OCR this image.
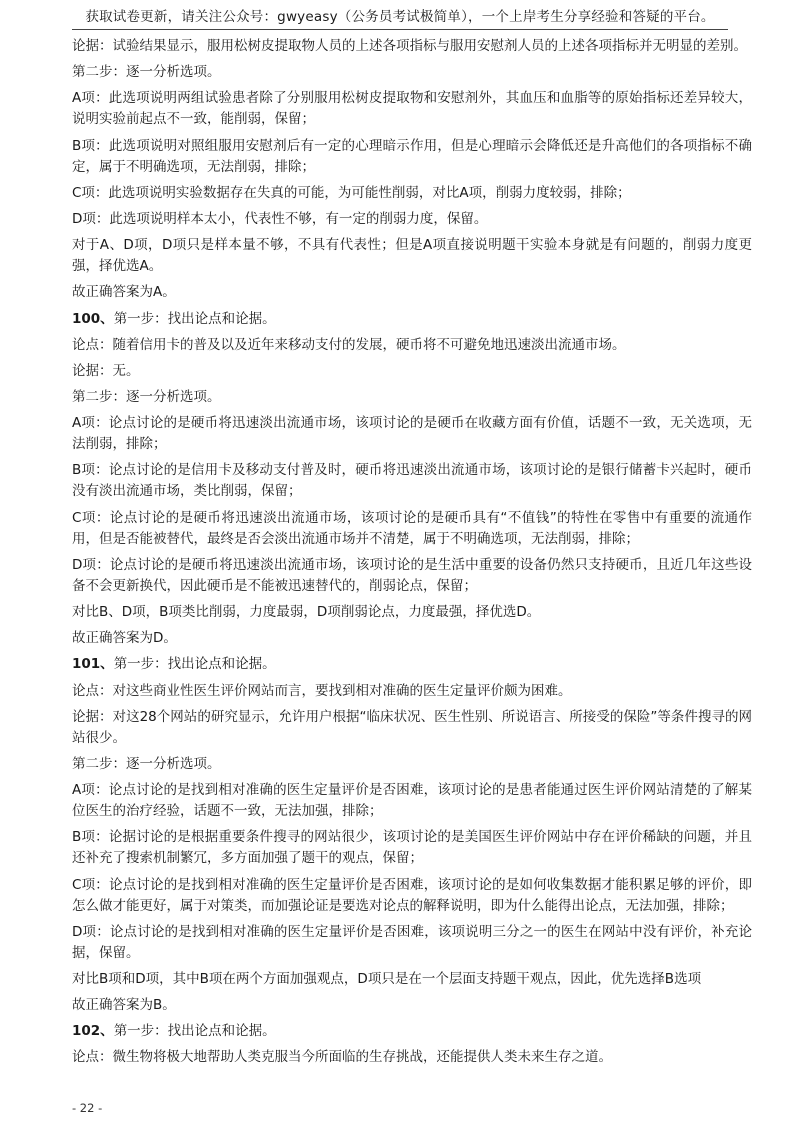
获取试卷更新，请关注公众号：gwyeasy（公务员考试极简单），一个上岸考生分享经验和答疑的平台。

论据：试验结果显示，服用松树皮提取物人员的上述各项指标与服用安慰剂人员的上述各项指标并无明显的差别。

第二步：逐一分析选项。

A项：此选项说明两组试验患者除了分别服用松树皮提取物和安慰剂外，其血压和血脂等的原始指标还差异较大，说明实验前起点不一致，能削弱，保留；

B项：此选项说明对照组服用安慰剂后有一定的心理暗示作用，但是心理暗示会降低还是升高他们的各项指标不确定，属于不明确选项，无法削弱，排除；

C项：此选项说明实验数据存在失真的可能，为可能性削弱，对比A项，削弱力度较弱，排除；

D项：此选项说明样本太小，代表性不够，有一定的削弱力度，保留。

对于A、D项，D项只是样本量不够，不具有代表性；但是A项直接说明题干实验本身就是有问题的，削弱力度更强，择优选A。

故正确答案为A。

100、第一步：找出论点和论据。

论点：随着信用卡的普及以及近年来移动支付的发展，硬币将不可避免地迅速淡出流通市场。

论据：无。

第二步：逐一分析选项。

A项：论点讨论的是硬币将迅速淡出流通市场，该项讨论的是硬币在收藏方面有价值，话题不一致，无关选项，无法削弱，排除；

B项：论点讨论的是信用卡及移动支付普及时，硬币将迅速淡出流通市场，该项讨论的是银行储蓄卡兴起时，硬币没有淡出流通市场，类比削弱，保留；

C项：论点讨论的是硬币将迅速淡出流通市场，该项讨论的是硬币具有“不值钱”的特性在零售中有重要的流通作用，但是否能被替代，最终是否会淡出流通市场并不清楚，属于不明确选项，无法削弱，排除；

D项：论点讨论的是硬币将迅速淡出流通市场，该项讨论的是生活中重要的设备仍然只支持硬币，且近几年这些设备不会更新换代，因此硬币是不能被迅速替代的，削弱论点，保留；

对比B、D项，B项类比削弱，力度最弱，D项削弱论点，力度最强，择优选D。

故正确答案为D。

101、第一步：找出论点和论据。

论点：对这些商业性医生评价网站而言，要找到相对准确的医生定量评价颇为困难。

论据：对这28个网站的研究显示，允许用户根据“临床状况、医生性别、所说语言、所接受的保险”等条件搜寻的网站很少。

第二步：逐一分析选项。

A项：论点讨论的是找到相对准确的医生定量评价是否困难，该项讨论的是患者能通过医生评价网站清楚的了解某位医生的治疗经验，话题不一致，无法加强，排除；

B项：论据讨论的是根据重要条件搜寻的网站很少，该项讨论的是美国医生评价网站中存在评价稀缺的问题，并且还补充了搜索机制繁冗，多方面加强了题干的观点，保留；

C项：论点讨论的是找到相对准确的医生定量评价是否困难，该项讨论的是如何收集数据才能积累足够的评价，即怎么做才能更好，属于对策类，而加强论证是要选对论点的解释说明，即为什么能得出论点，无法加强，排除；

D项：论点讨论的是找到相对准确的医生定量评价是否困难，该项说明三分之一的医生在网站中没有评价，补充论据，保留。

对比B项和D项，其中B项在两个方面加强观点，D项只是在一个层面支持题干观点，因此，优先选择B选项

故正确答案为B。

102、第一步：找出论点和论据。

论点：微生物将极大地帮助人类克服当今所面临的生存挑战，还能提供人类未来生存之道。

- 22 -
